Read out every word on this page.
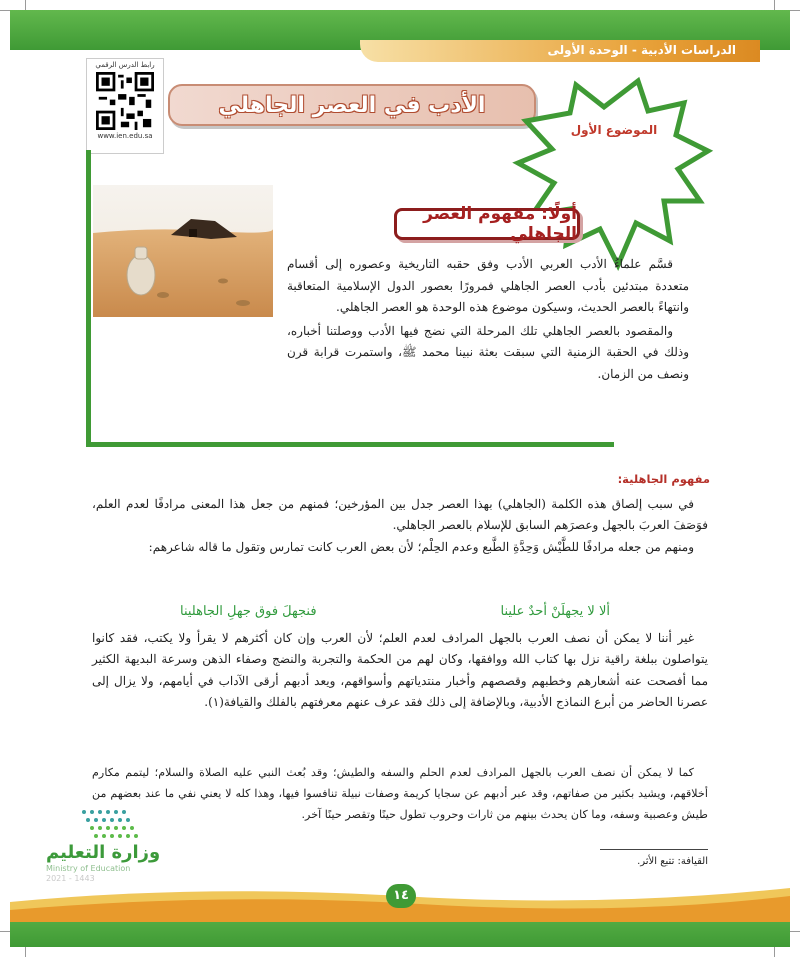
الدراسات الأدبية - الوحدة الأولى
رابط الدرس الرقمي
www.ien.edu.sa
الأدب في العصر الجاهلي
الموضوع الأول
أولًا: مفهوم العصر الجاهلي

قسَّم علماءُ الأدب العربي الأدب وفق حقبه التاريخية وعصوره إلى أقسام متعددة مبتدئين بأدب العصر الجاهلي فمرورًا بعصور الدول الإسلامية المتعاقبة وانتهاءً بالعصر الحديث، وسيكون موضوع هذه الوحدة هو العصر الجاهلي.

والمقصود بالعصر الجاهلي تلك المرحلة التي نضج فيها الأدب ووصلتنا أخباره، وذلك في الحقبة الزمنية التي سبقت بعثة نبينا محمد ﷺ، واستمرت قرابة قرن ونصف من الزمان.

مفهوم الجاهلية:

في سبب إلصاق هذه الكلمة (الجاهلي) بهذا العصر جدل بين المؤرخين؛ فمنهم من جعل هذا المعنى مرادفًا لعدم العلم، فوَصَفَ العربَ بالجهل وعصرَهم السابق للإسلام بالعصر الجاهلي.

ومنهم من جعله مرادفًا للطَّيْش وَحِدَّةِ الطَّبع وعدم الحِلْم؛ لأن بعض العرب كانت تمارس وتقول ما قاله شاعرهم:

ألا لا يجهلَنْ أحدٌ علينا
فنجهلَ فوق جهلِ الجاهلينا

غير أننا لا يمكن أن نصف العرب بالجهل المرادف لعدم العلم؛ لأن العرب وإن كان أكثرهم لا يقرأ ولا يكتب، فقد كانوا يتواصلون ببلغة راقية نزل بها كتاب الله ووافقها، وكان لهم من الحكمة والتجربة والنضج وصفاء الذهن وسرعة البديهة الكثير مما أفصحت عنه أشعارهم وخطبهم وقصصهم وأخبار منتدياتهم وأسواقهم، ويعد أدبهم أرقى الآداب في أيامهم، ولا يزال إلى عصرنا الحاضر من أبرع النماذج الأدبية، وبالإضافة إلى ذلك فقد عرف عنهم معرفتهم بالفلك والقيافة(١).

كما لا يمكن أن نصف العرب بالجهل المرادف لعدم الحلم والسفه والطيش؛ وقد بُعث النبي عليه الصلاة والسلام؛ ليتمم مكارم أخلاقهم، ويشيد بكثير من صفاتهم، وقد عبر أدبهم عن سجايا كريمة وصفات نبيلة تنافسوا فيها، وهذا كله لا يعني نفي ما عند بعضهم من طيش وعصبية وسفه، وما كان يحدث بينهم من ثارات وحروب تطول حينًا وتقصر حينًا آخر.

وزارة التعليم
Ministry of Education
2021 - 1443
القيافة: تتبع الأثر.
١٤
